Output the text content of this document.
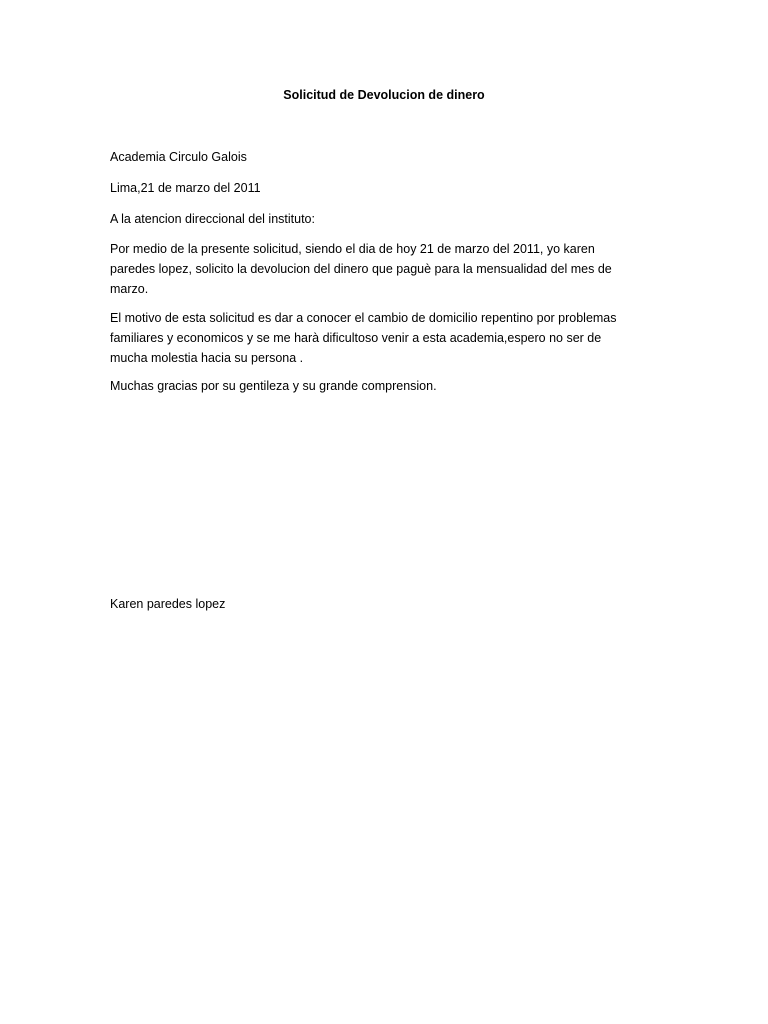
Solicitud de Devolucion de dinero
Academia Circulo Galois
Lima,21 de marzo del 2011
A la atencion direccional del instituto:
Por medio de la presente solicitud, siendo el dia de hoy 21 de marzo del 2011, yo karen
paredes lopez, solicito la devolucion del dinero que paguè para la mensualidad del mes de
marzo.
El motivo de esta solicitud es dar a conocer el cambio de domicilio repentino por problemas
familiares y economicos y se me harà dificultoso venir a esta academia,espero no ser de
mucha molestia hacia su persona .
Muchas gracias por su gentileza y su grande comprension.
Karen paredes lopez
